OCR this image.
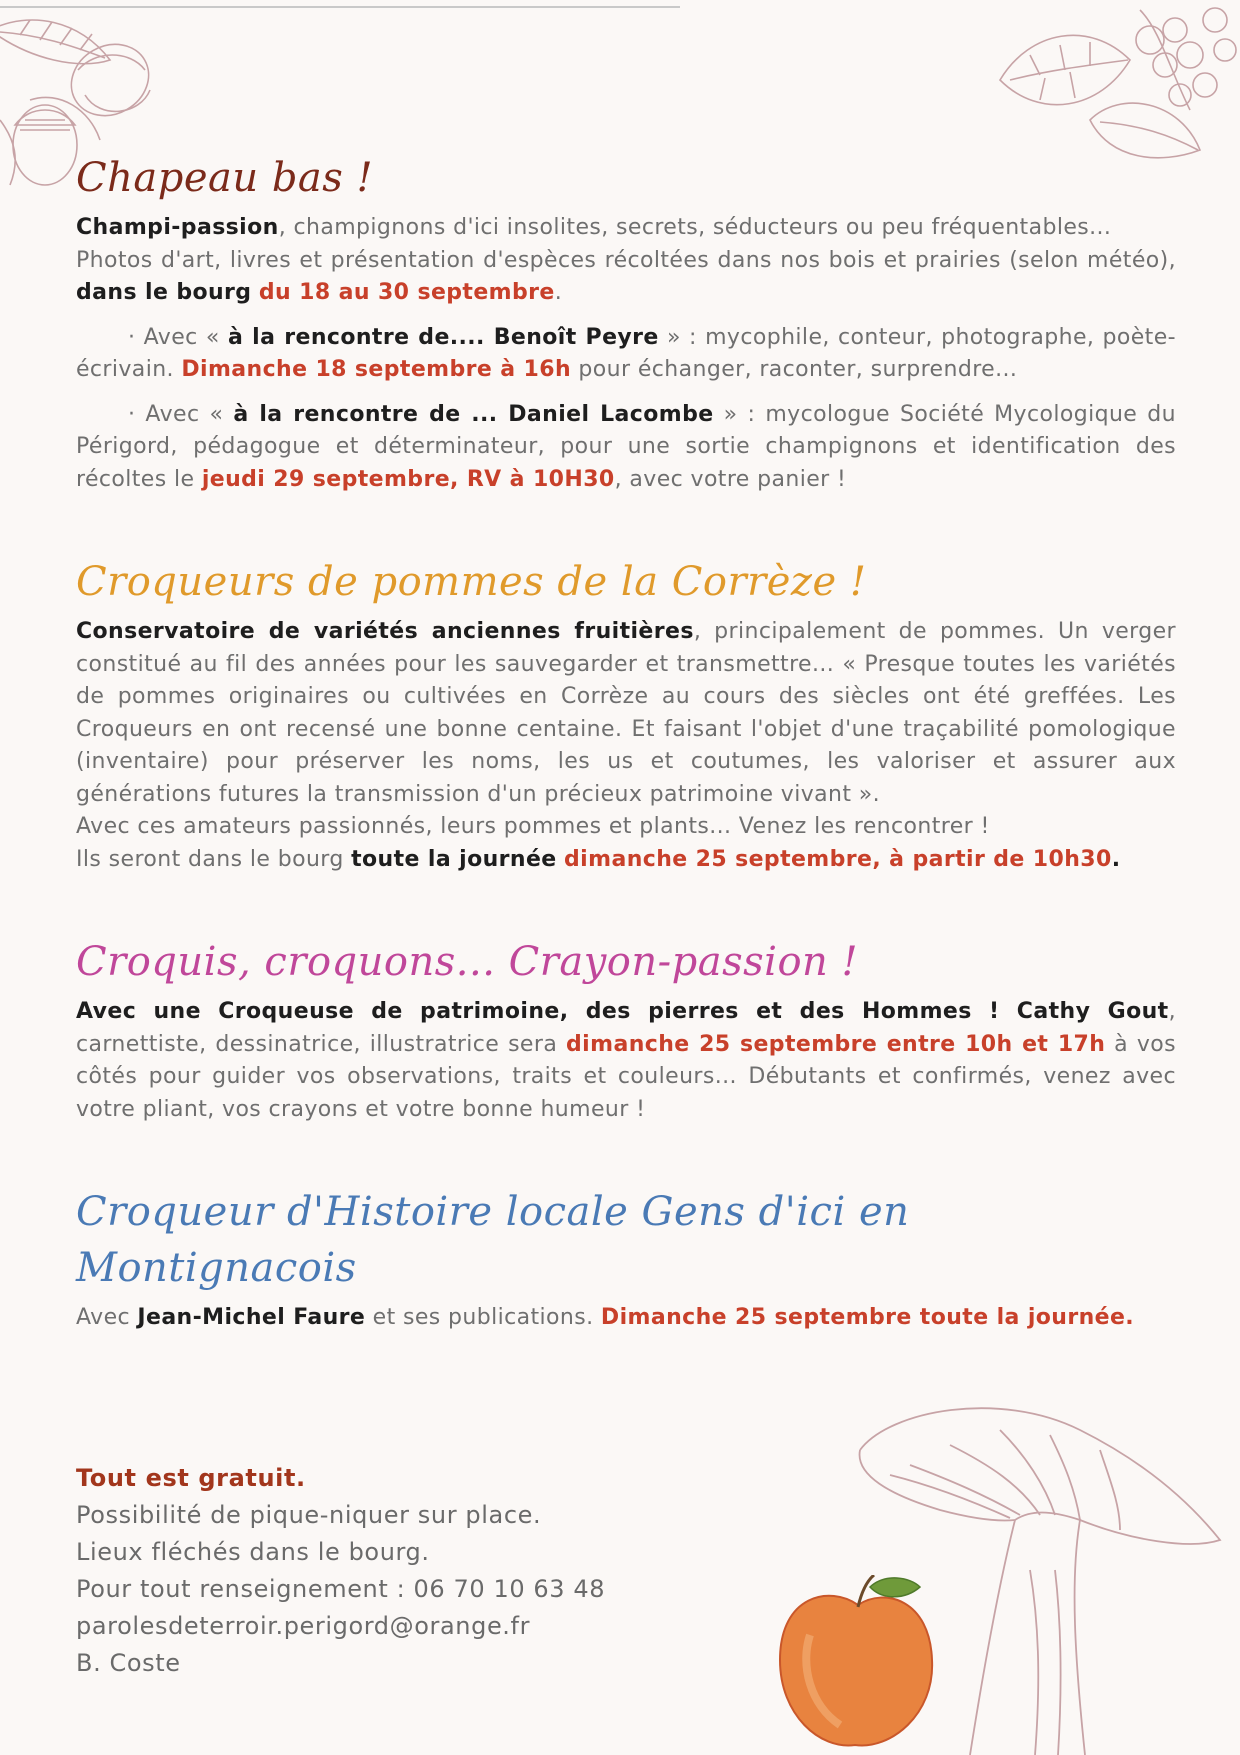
Chapeau bas !

Champi-passion, champignons d'ici insolites, secrets, séducteurs ou peu fréquentables...

Photos d'art, livres et présentation d'espèces récoltées dans nos bois et prairies (selon météo), dans le bourg du 18 au 30 septembre.

· Avec « à la rencontre de.... Benoît Peyre » : mycophile, conteur, photographe, poète-écrivain. Dimanche 18 septembre à 16h pour échanger, raconter, surprendre...

· Avec « à la rencontre de ... Daniel Lacombe » : mycologue Société Mycologique du Périgord, pédagogue et déterminateur, pour une sortie champignons et identification des récoltes le jeudi 29 septembre, RV à 10H30, avec votre panier !

Croqueurs de pommes de la Corrèze !

Conservatoire de variétés anciennes fruitières, principalement de pommes. Un verger constitué au fil des années pour les sauvegarder et transmettre... « Presque toutes les variétés de pommes originaires ou cultivées en Corrèze au cours des siècles ont été greffées. Les Croqueurs en ont recensé une bonne centaine. Et faisant l'objet d'une traçabilité pomologique (inventaire) pour préserver les noms, les us et coutumes, les valoriser et assurer aux générations futures la transmission d'un précieux patrimoine vivant ».

Avec ces amateurs passionnés, leurs pommes et plants... Venez les rencontrer !

Ils seront dans le bourg toute la journée dimanche 25 septembre, à partir de 10h30.

Croquis, croquons... Crayon-passion !

Avec une Croqueuse de patrimoine, des pierres et des Hommes ! Cathy Gout, carnettiste, dessinatrice, illustratrice sera dimanche 25 septembre entre 10h et 17h à vos côtés pour guider vos observations, traits et couleurs... Débutants et confirmés, venez avec votre pliant, vos crayons et votre bonne humeur !

Croqueur d'Histoire locale Gens d'ici en Montignacois

Avec Jean-Michel Faure et ses publications. Dimanche 25 septembre toute la journée.

Tout est gratuit.
Possibilité de pique-niquer sur place.
Lieux fléchés dans le bourg.
Pour tout renseignement : 06 70 10 63 48
parolesdeterroir.perigord@orange.fr
B. Coste
